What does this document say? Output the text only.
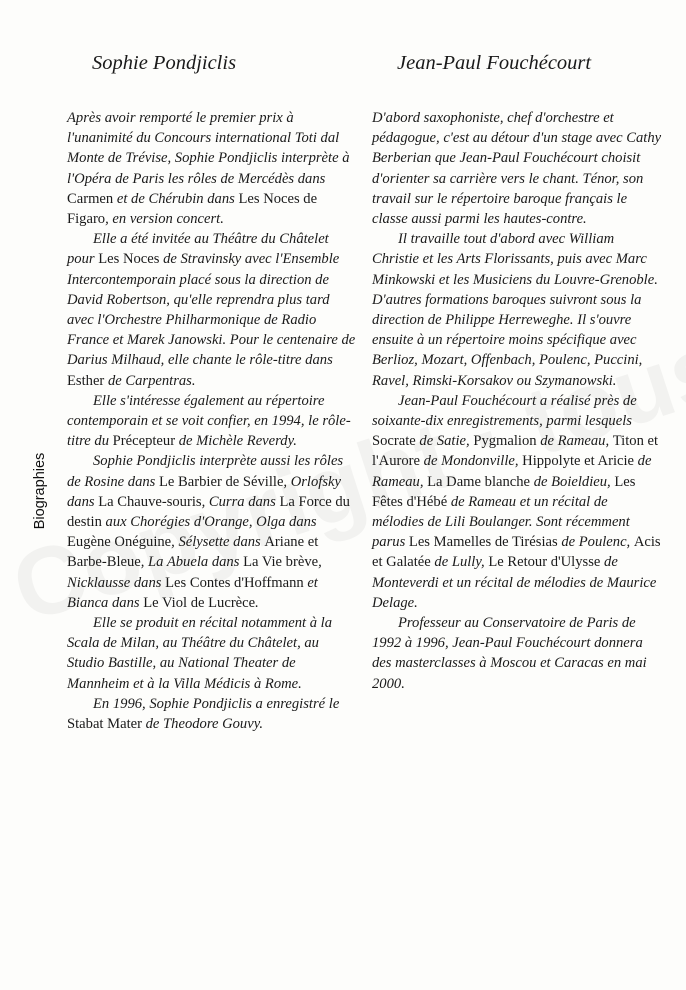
Biographies
Sophie Pondjiclis	Jean-Paul Fouchécourt

Après avoir remporté le premier prix à l'unanimité du Concours international Toti dal Monte de Trévise, Sophie Pondjiclis interprète à l'Opéra de Paris les rôles de Mercédès dans Carmen et de Chérubin dans Les Noces de Figaro, en version concert.

Elle a été invitée au Théâtre du Châtelet pour Les Noces de Stravinsky avec l'Ensemble Intercontemporain placé sous la direction de David Robertson, qu'elle reprendra plus tard avec l'Orchestre Philharmonique de Radio France et Marek Janowski. Pour le centenaire de Darius Milhaud, elle chante le rôle-titre dans Esther de Carpentras.

Elle s'intéresse également au répertoire contemporain et se voit confier, en 1994, le rôle-titre du Précepteur de Michèle Reverdy.

Sophie Pondjiclis interprète aussi les rôles de Rosine dans Le Barbier de Séville, Orlofsky dans La Chauve-souris, Curra dans La Force du destin aux Chorégies d'Orange, Olga dans Eugène Onéguine, Sélysette dans Ariane et Barbe-Bleue, La Abuela dans La Vie brève, Nicklausse dans Les Contes d'Hoffmann et Bianca dans Le Viol de Lucrèce.

Elle se produit en récital notamment à la Scala de Milan, au Théâtre du Châtelet, au Studio Bastille, au National Theater de Mannheim et à la Villa Médicis à Rome.

En 1996, Sophie Pondjiclis a enregistré le Stabat Mater de Theodore Gouvy.

D'abord saxophoniste, chef d'orchestre et pédagogue, c'est au détour d'un stage avec Cathy Berberian que Jean-Paul Fouchécourt choisit d'orienter sa carrière vers le chant. Ténor, son travail sur le répertoire baroque français le classe aussi parmi les hautes-contre.

Il travaille tout d'abord avec William Christie et les Arts Florissants, puis avec Marc Minkowski et les Musiciens du Louvre-Grenoble. D'autres formations baroques suivront sous la direction de Philippe Herreweghe. Il s'ouvre ensuite à un répertoire moins spécifique avec Berlioz, Mozart, Offenbach, Poulenc, Puccini, Ravel, Rimski-Korsakov ou Szymanowski.

Jean-Paul Fouchécourt a réalisé près de soixante-dix enregistrements, parmi lesquels Socrate de Satie, Pygmalion de Rameau, Titon et l'Aurore de Mondonville, Hippolyte et Aricie de Rameau, La Dame blanche de Boieldieu, Les Fêtes d'Hébé de Rameau et un récital de mélodies de Lili Boulanger. Sont récemment parus Les Mamelles de Tirésias de Poulenc, Acis et Galatée de Lully, Le Retour d'Ulysse de Monteverdi et un récital de mélodies de Maurice Delage.

Professeur au Conservatoire de Paris de 1992 à 1996, Jean-Paul Fouchécourt donnera des masterclasses à Moscou et Caracas en mai 2000.
